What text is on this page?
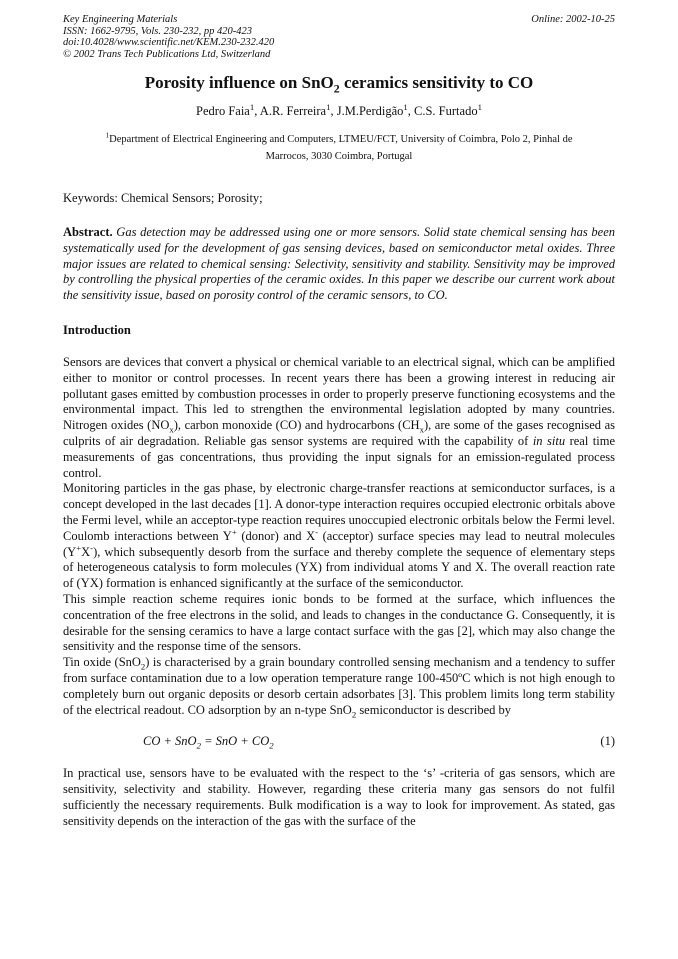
Key Engineering Materials
ISSN: 1662-9795, Vols. 230-232, pp 420-423
doi:10.4028/www.scientific.net/KEM.230-232.420
© 2002 Trans Tech Publications Ltd, Switzerland
Online: 2002-10-25
Porosity influence on SnO$_2$ ceramics sensitivity to CO
Pedro Faia$^1$, A.R. Ferreira$^1$, J.M.Perdigão$^1$, C.S. Furtado$^1$
$^1$Department of Electrical Engineering and Computers, LTMEU/FCT, University of Coimbra, Polo 2, Pinhal de
Marrocos, 3030 Coimbra, Portugal
Keywords: Chemical Sensors; Porosity;
Abstract. Gas detection may be addressed using one or more sensors. Solid state chemical sensing has been systematically used for the development of gas sensing devices, based on semiconductor metal oxides. Three major issues are related to chemical sensing: Selectivity, sensitivity and stability. Sensitivity may be improved by controlling the physical properties of the ceramic oxides. In this paper we describe our current work about the sensitivity issue, based on porosity control of the ceramic sensors, to CO.
Introduction

Sensors are devices that convert a physical or chemical variable to an electrical signal, which can be amplified either to monitor or control processes. In recent years there has been a growing interest in reducing air pollutant gases emitted by combustion processes in order to properly preserve functioning ecosystems and the environmental impact. This led to strengthen the environmental legislation adopted by many countries. Nitrogen oxides $(NO_x)$, carbon monoxide (CO) and hydrocarbons $(CH_x)$, are some of the gases recognised as culprits of air degradation. Reliable gas sensor systems are required with the capability of in situ real time measurements of gas concentrations, thus providing the input signals for an emission-regulated process control.

Monitoring particles in the gas phase, by electronic charge-transfer reactions at semiconductor surfaces, is a concept developed in the last decades [1]. A donor-type interaction requires occupied electronic orbitals above the Fermi level, while an acceptor-type reaction requires unoccupied electronic orbitals below the Fermi level. Coulomb interactions between Y+ (donor) and X- (acceptor) surface species may lead to neutral molecules (Y+X-), which subsequently desorb from the surface and thereby complete the sequence of elementary steps of heterogeneous catalysis to form molecules (YX) from individual atoms Y and X. The overall reaction rate of (YX) formation is enhanced significantly at the surface of the semiconductor.

This simple reaction scheme requires ionic bonds to be formed at the surface, which influences the concentration of the free electrons in the solid, and leads to changes in the conductance G. Consequently, it is desirable for the sensing ceramics to have a large contact surface with the gas [2], which may also change the sensitivity and the response time of the sensors.

Tin oxide (SnO$_2$) is characterised by a grain boundary controlled sensing mechanism and a tendency to suffer from surface contamination due to a low operation temperature range 100-450ºC which is not high enough to completely burn out organic deposits or desorb certain adsorbates [3]. This problem limits long term stability of the electrical readout. CO adsorption by an n-type SnO$_2$ semiconductor is described by

CO + SnO$_2$ = SnO + $CO_2$	(1)

In practical use, sensors have to be evaluated with the respect to the ‘s’ -criteria of gas sensors, which are sensitivity, selectivity and stability. However, regarding these criteria many gas sensors do not fulfil sufficiently the necessary requirements. Bulk modification is a way to look for improvement. As stated, gas sensitivity depends on the interaction of the gas with the surface of the
